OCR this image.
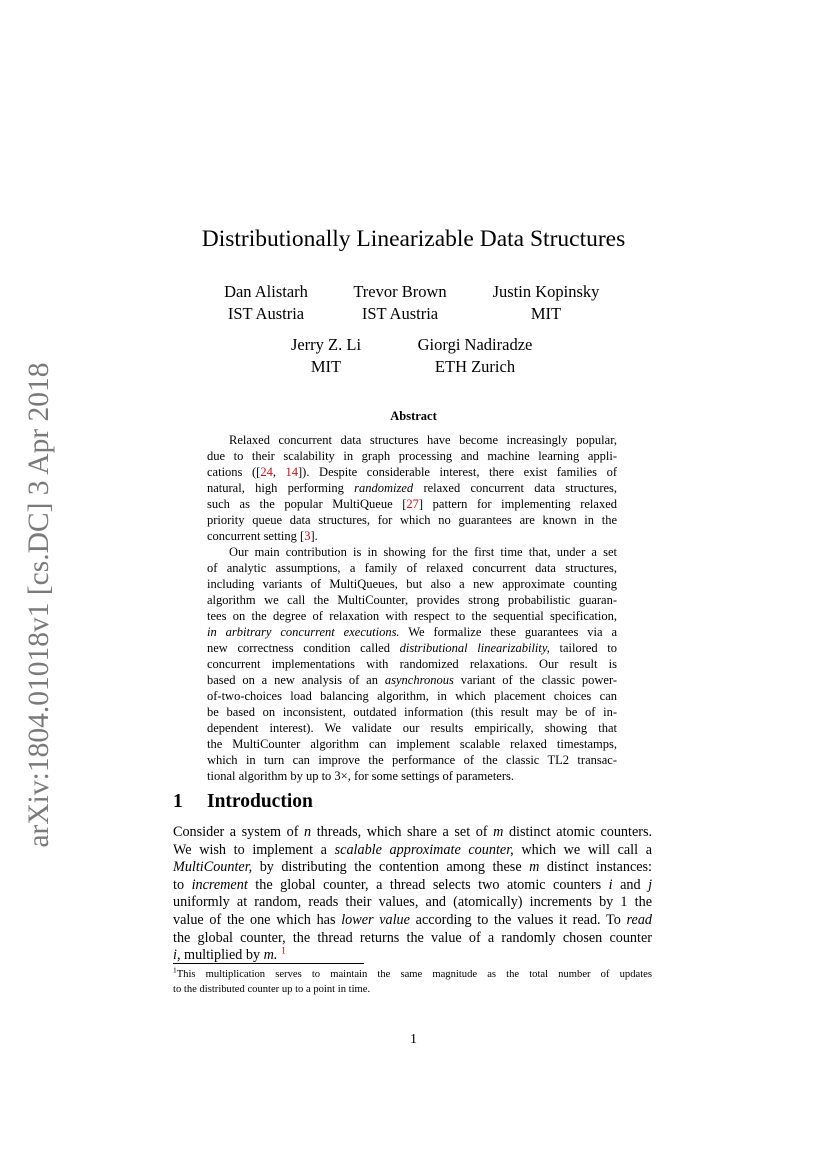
arXiv:1804.01018v1 [cs.DC] 3 Apr 2018
Distributionally Linearizable Data Structures
Dan Alistarh
IST Austria
Trevor Brown
IST Austria
Justin Kopinsky
MIT
Jerry Z. Li
MIT
Giorgi Nadiradze
ETH Zurich
Abstract
Relaxed concurrent data structures have become increasingly popular,
due to their scalability in graph processing and machine learning appli-
cations ([24, 14]). Despite considerable interest, there exist families of
natural, high performing randomized relaxed concurrent data structures,
such as the popular MultiQueue [27] pattern for implementing relaxed
priority queue data structures, for which no guarantees are known in the
concurrent setting [3].
Our main contribution is in showing for the first time that, under a set
of analytic assumptions, a family of relaxed concurrent data structures,
including variants of MultiQueues, but also a new approximate counting
algorithm we call the MultiCounter, provides strong probabilistic guaran-
tees on the degree of relaxation with respect to the sequential specification,
in arbitrary concurrent executions. We formalize these guarantees via a
new correctness condition called distributional linearizability, tailored to
concurrent implementations with randomized relaxations. Our result is
based on a new analysis of an asynchronous variant of the classic power-
of-two-choices load balancing algorithm, in which placement choices can
be based on inconsistent, outdated information (this result may be of in-
dependent interest). We validate our results empirically, showing that
the MultiCounter algorithm can implement scalable relaxed timestamps,
which in turn can improve the performance of the classic TL2 transac-
tional algorithm by up to 3×, for some settings of parameters.
1 Introduction
Consider a system of n threads, which share a set of m distinct atomic counters.
We wish to implement a scalable approximate counter, which we will call a
MultiCounter, by distributing the contention among these m distinct instances:
to increment the global counter, a thread selects two atomic counters i and j
uniformly at random, reads their values, and (atomically) increments by 1 the
value of the one which has lower value according to the values it read. To read
the global counter, the thread returns the value of a randomly chosen counter
i, multiplied by m. $^1$
$^1$This multiplication serves to maintain the same magnitude as the total number of updates
to the distributed counter up to a point in time.
1
